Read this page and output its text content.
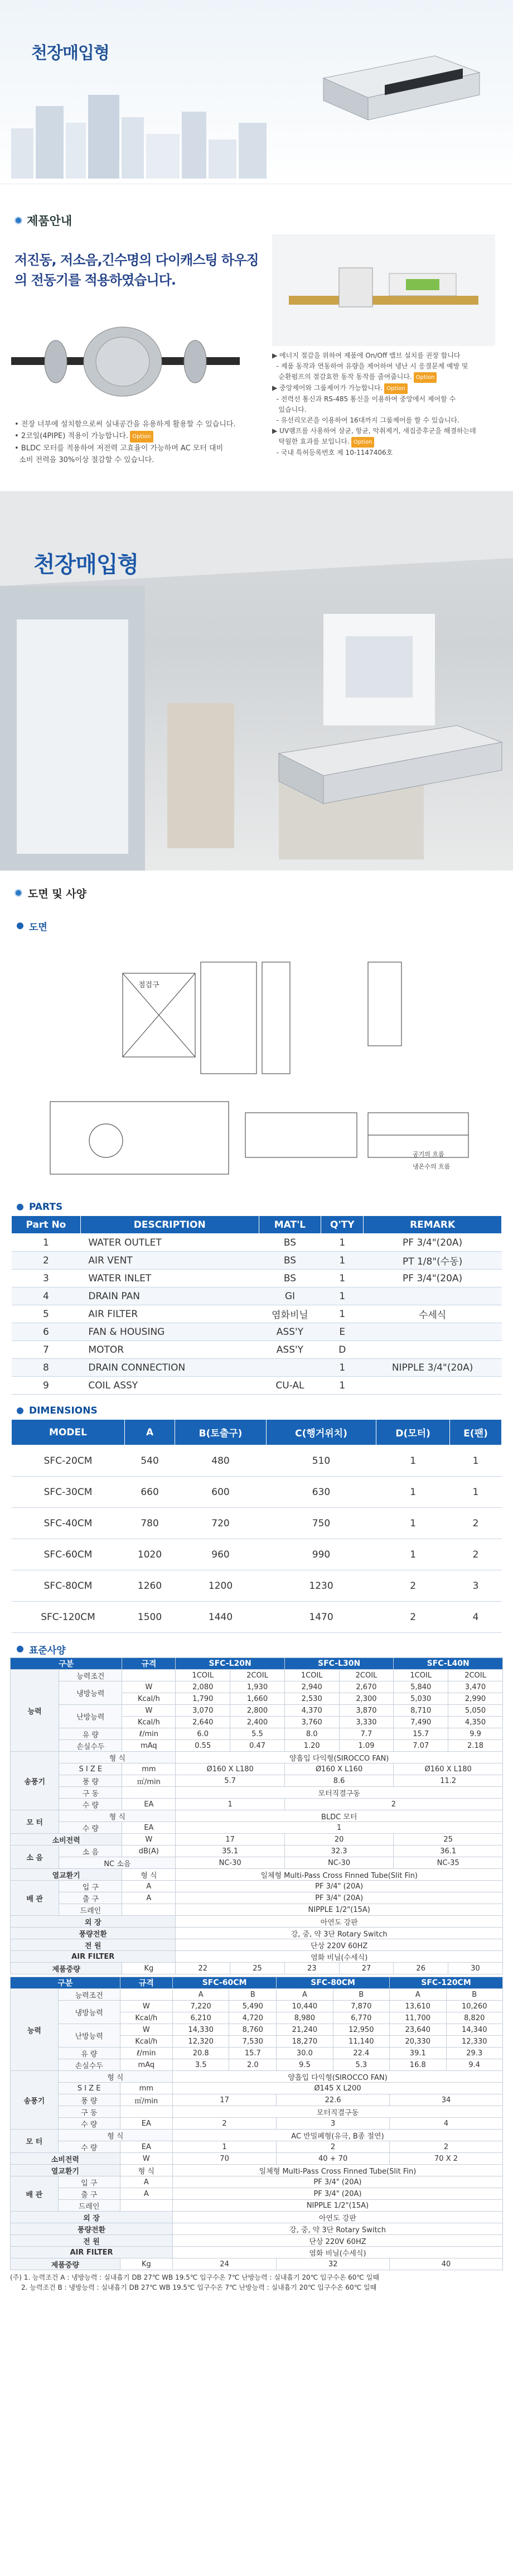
천장매입형
제품안내
저진동, 저소음,긴수명의 다이캐스팅 하우징
의 전동기를 적용하였습니다.
• 전장 너부에 설치함으로써 실내공간을 유용하게 활용할 수 있습니다.
• 2코일(4PIPE) 적용이 가능합니다. Option
• BLDC 모터를 적용하여 저전력 고효율이 가능하며 AC 모터 대비
소비 전력을 30%이상 절감할 수 있습니다.
▶ 에너지 절감을 위하여 제품에 On/Off 밸브 설치를 권장 합니다
- 제품 동작과 연동하여 유량을 제어하여 냉난 시 응결문제 예방 및
순환펌프의 절감효한 동작 동작를 줄여줍니다. Option
▶ 중앙제어와 그룹제어가 가능합니다. Option
- 전력선 통신과 RS-485 통신을 이용하여 중앙에서 제어할 수
있습니다.
- 유선리모콘을 이용하여 16대까지 그룹제어를 할 수 있습니다.
▶ UV램프를 사용하여 살균, 항균, 악취제거, 새집증후군을 해결하는데
탁월한 효과를 보입니다. Option
- 국내 특허등록번호 제 10-1147406호
천장매입형
도면 및 사양
도면
점검구
공기의 흐름
냉온수의 흐름
PARTS
Part No	DESCRIPTION	MAT'L	Q'TY	REMARK
1	WATER OUTLET	BS	1	PF 3/4"(20A)
2	AIR VENT	BS	1	PT 1/8"(수동)
3	WATER INLET	BS	1	PF 3/4"(20A)
4	DRAIN PAN	GI	1	
5	AIR FILTER	염화비닐	1	수세식
6	FAN & HOUSING	ASS'Y	E	
7	MOTOR	ASS'Y	D	
8	DRAIN CONNECTION		1	NIPPLE 3/4"(20A)
9	COIL ASSY	CU-AL	1	
DIMENSIONS
MODEL	A	B(토출구)	C(행거위치)	D(모터)	E(팬)
SFC-20CM	540	480	510	1	1
SFC-30CM	660	600	630	1	1
SFC-40CM	780	720	750	1	2
SFC-60CM	1020	960	990	1	2
SFC-80CM	1260	1200	1230	2	3
SFC-120CM	1500	1440	1470	2	4
표준사양
구분		규격	SFC-L20N		SFC-L30N		SFC-L40N	
능력	능력조건		1COIL	2COIL	1COIL	2COIL	1COIL	2COIL
	냉방능력	W	2,080	1,930	2,940	2,670	5,840	3,470
		Kcal/h	1,790	1,660	2,530	2,300	5,030	2,990
	난방능력	W	3,070	2,800	4,370	3,870	8,710	5,050
		Kcal/h	2,640	2,400	3,760	3,330	7,490	4,350
	유 량	ℓ/min	6.0	5.5	8.0	7.7	15.7	9.9
	손실수두	mAq	0.55	0.47	1.20	1.09	7.07	2.18
송풍기	형 식		양흡입 다익형(SIROCCO FAN)					
	S I Z E	mm	Ø160 X L180		Ø160 X L160		Ø160 X L180	
	풍 량	㎥/min	5.7		8.6		11.2	
	구 동		모터직결구동					
	수 량	EA	1		2			
모 터	형 식		BLDC 모터					
	수 량	EA	1					
소비전력		W	17		20		25	
소 음	소 음	dB(A)	35.1		32.3		36.1	
	NC 소음		NC-30		NC-30		NC-35	
열교환기		형 식	일체형 Multi-Pass Cross Finned Tube(Slit Fin)					
배 관	입 구	A	PF 3/4" (20A)					
	출 구	A	PF 3/4" (20A)					
	드레인		NIPPLE 1/2"(15A)					
외 장			아연도 강판					
풍량전환			강, 중, 약 3단 Rotary Switch					
전 원			단상 220V 60HZ					
AIR FILTER			염화 비닐(수세식)					
제품중량		Kg	22	25	23	27	26	30
구분		규격	SFC-60CM		SFC-80CM		SFC-120CM	
능력	능력조건		A	B	A	B	A	B
	냉방능력	W	7,220	5,490	10,440	7,870	13,610	10,260
		Kcal/h	6,210	4,720	8,980	6,770	11,700	8,820
	난방능력	W	14,330	8,760	21,240	12,950	23,640	14,340
		Kcal/h	12,320	7,530	18,270	11,140	20,330	12,330
	유 량	ℓ/min	20.8	15.7	30.0	22.4	39.1	29.3
	손실수두	mAq	3.5	2.0	9.5	5.3	16.8	9.4
송풍기	형 식		양흡입 다익형(SIROCCO FAN)					
	S I Z E	mm	Ø145 X L200					
	풍 량	㎥/min	17		22.6		34	
	구 동		모터직결구동					
	수 량	EA	2		3		4	
모 터	형 식		AC 반밀폐형(유극, B종 절연)					
	수 량	EA	1		2		2	
소비전력		W	70		40 + 70		70 X 2	
열교환기		형 식	일체형 Multi-Pass Cross Finned Tube(Slit Fin)					
배 관	입 구	A	PF 3/4" (20A)					
	출 구	A	PF 3/4" (20A)					
	드레인		NIPPLE 1/2"(15A)					
외 장			아연도 강판					
풍량전환			강, 중, 약 3단 Rotary Switch					
전 원			단상 220V 60HZ					
AIR FILTER			염화 비닐(수세식)					
제품중량		Kg	24		32		40	
(주) 1. 능력조건 A : 냉방능력 : 실내흡기 DB 27℃ WB 19.5℃ 입구수온 7℃ 난방능력 : 실내흡기 20℃ 입구수온 60℃ 일때
2. 능력조건 B : 냉방능력 : 실내흡기 DB 27℃ WB 19.5℃ 입구수온 7℃ 난방능력 : 실내흡기 20℃ 입구수온 60℃ 일때
